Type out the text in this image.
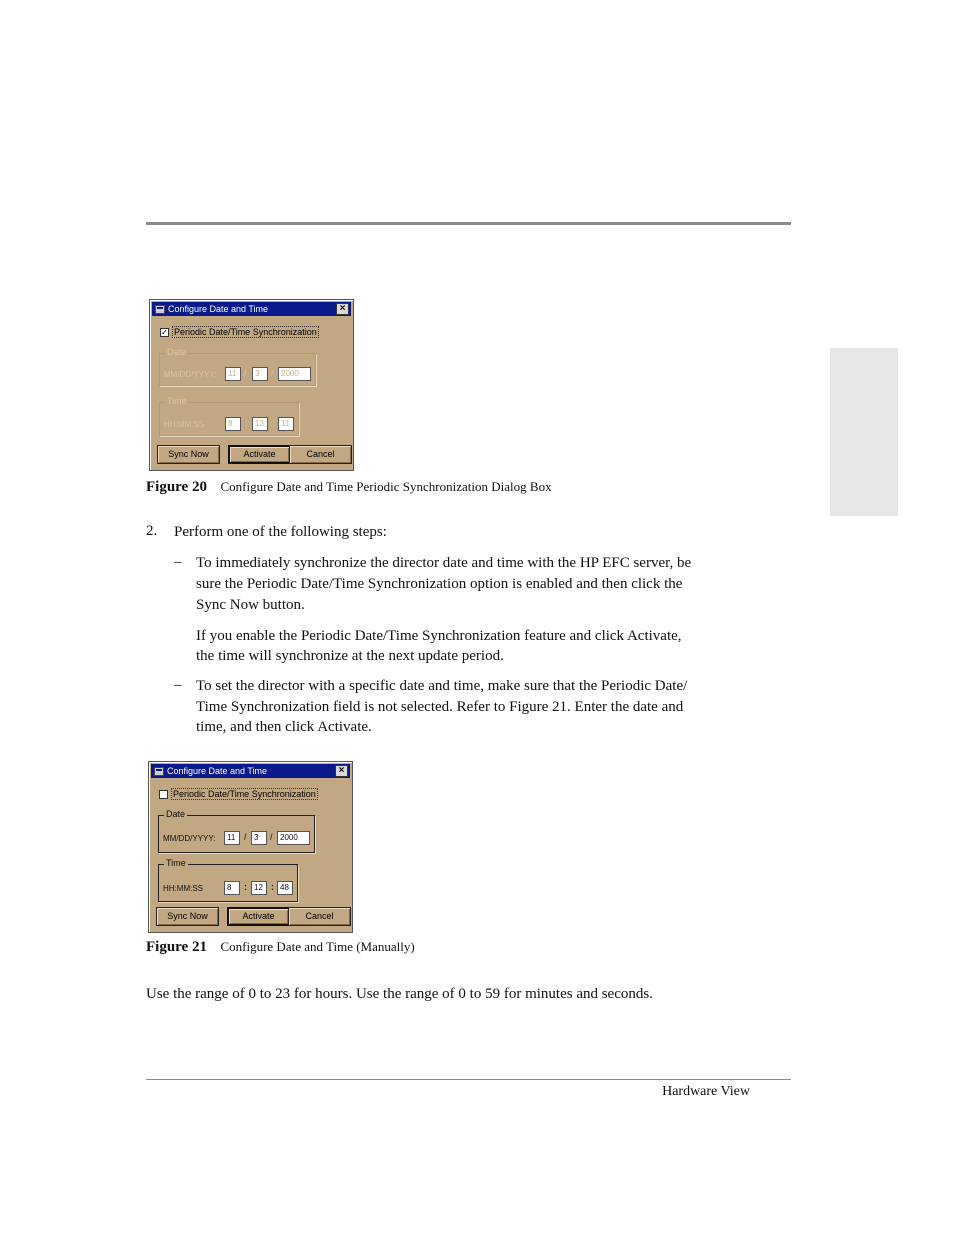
Configure Date and Time	×
✓ Periodic Date/Time Synchronization
Date
MM/DD/YYYY:	11 /	3	/ 2000
Time
HH:MM:SS	8	: 13 : 11
Sync Now	Activate	Cancel
Figure 20 Configure Date and Time Periodic Synchronization Dialog Box
2. Perform one of the following steps:
– To immediately synchronize the director date and time with the HP EFC server, be
sure the Periodic Date/Time Synchronization option is enabled and then click the
Sync Now button.
If you enable the Periodic Date/Time Synchronization feature and click Activate,
the time will synchronize at the next update period.
– To set the director with a specific date and time, make sure that the Periodic Date/
Time Synchronization field is not selected. Refer to Figure 21. Enter the date and
time, and then click Activate.
Configure Date and Time	×
Periodic Date/Time Synchronization
Date
MM/DD/YYYY:	11 / 3	/ 2000
Time
HH:MM:SS	8	: 12 : 48
Sync Now	Activate	Cancel
Figure 21 Configure Date and Time (Manually)
Use the range of 0 to 23 for hours. Use the range of 0 to 59 for minutes and seconds.
Hardware View
